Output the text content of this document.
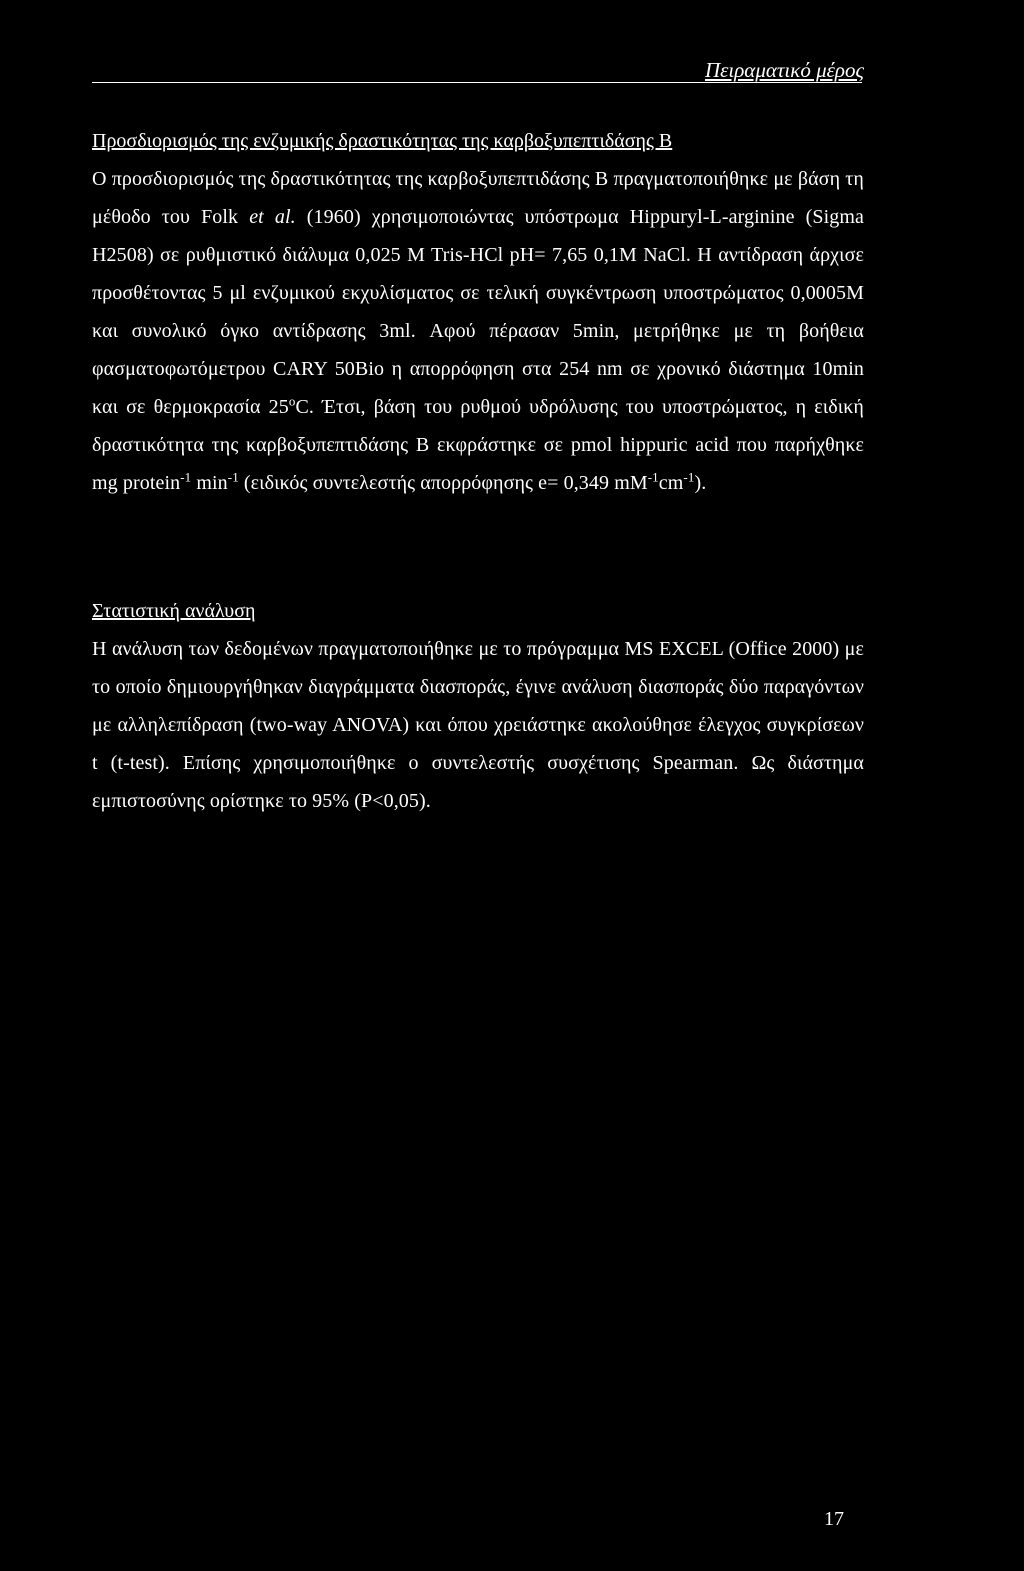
Πειραματικό μέρος
Προσδιορισμός της ενζυμικής δραστικότητας της καρβοξυπεπτιδάσης Β
Ο προσδιορισμός της δραστικότητας της καρβοξυπεπτιδάσης Β πραγματοποιήθηκε με βάση τη μέθοδο του Folk et al. (1960) χρησιμοποιώντας υπόστρωμα Hippuryl-L-arginine (Sigma H2508) σε ρυθμιστικό διάλυμα 0,025 M Tris-HCl pH= 7,65 0,1M NaCl. Η αντίδραση άρχισε προσθέτοντας 5 μl ενζυμικού εκχυλίσματος σε τελική συγκέντρωση υποστρώματος 0,0005M και συνολικό όγκο αντίδρασης 3ml. Αφού πέρασαν 5min, μετρήθηκε με τη βοήθεια φασματοφωτόμετρου CARY 50Bio η απορρόφηση στα 254 nm σε χρονικό διάστημα 10min και σε θερμοκρασία 25$^o$C. Έτσι, βάση του ρυθμού υδρόλυσης του υποστρώματος, η ειδική δραστικότητα της καρβοξυπεπτιδάσης Β εκφράστηκε σε pmol hippuric acid που παρήχθηκε mg protein$^{-1}$ $\min^{-1} (\varepsilon\iota\delta\iota\kappa ό\varsigma$ συντελεστής απορρόφησης e= 0,349 $mM^{-1}cm^{-1}$).
Στατιστική ανάλυση
Η ανάλυση των δεδομένων πραγματοποιήθηκε με το πρόγραμμα MS EXCEL (Office 2000) με το οποίο δημιουργήθηκαν διαγράμματα διασποράς, έγινε ανάλυση διασποράς δύο παραγόντων με αλληλεπίδραση (two-way ANOVA) και όπου χρειάστηκε ακολούθησε έλεγχος συγκρίσεων t (t-test). Επίσης χρησιμοποιήθηκε ο συντελεστής συσχέτισης Spearman. Ως διάστημα εμπιστοσύνης ορίστηκε το 95% (P<0,05).
17
